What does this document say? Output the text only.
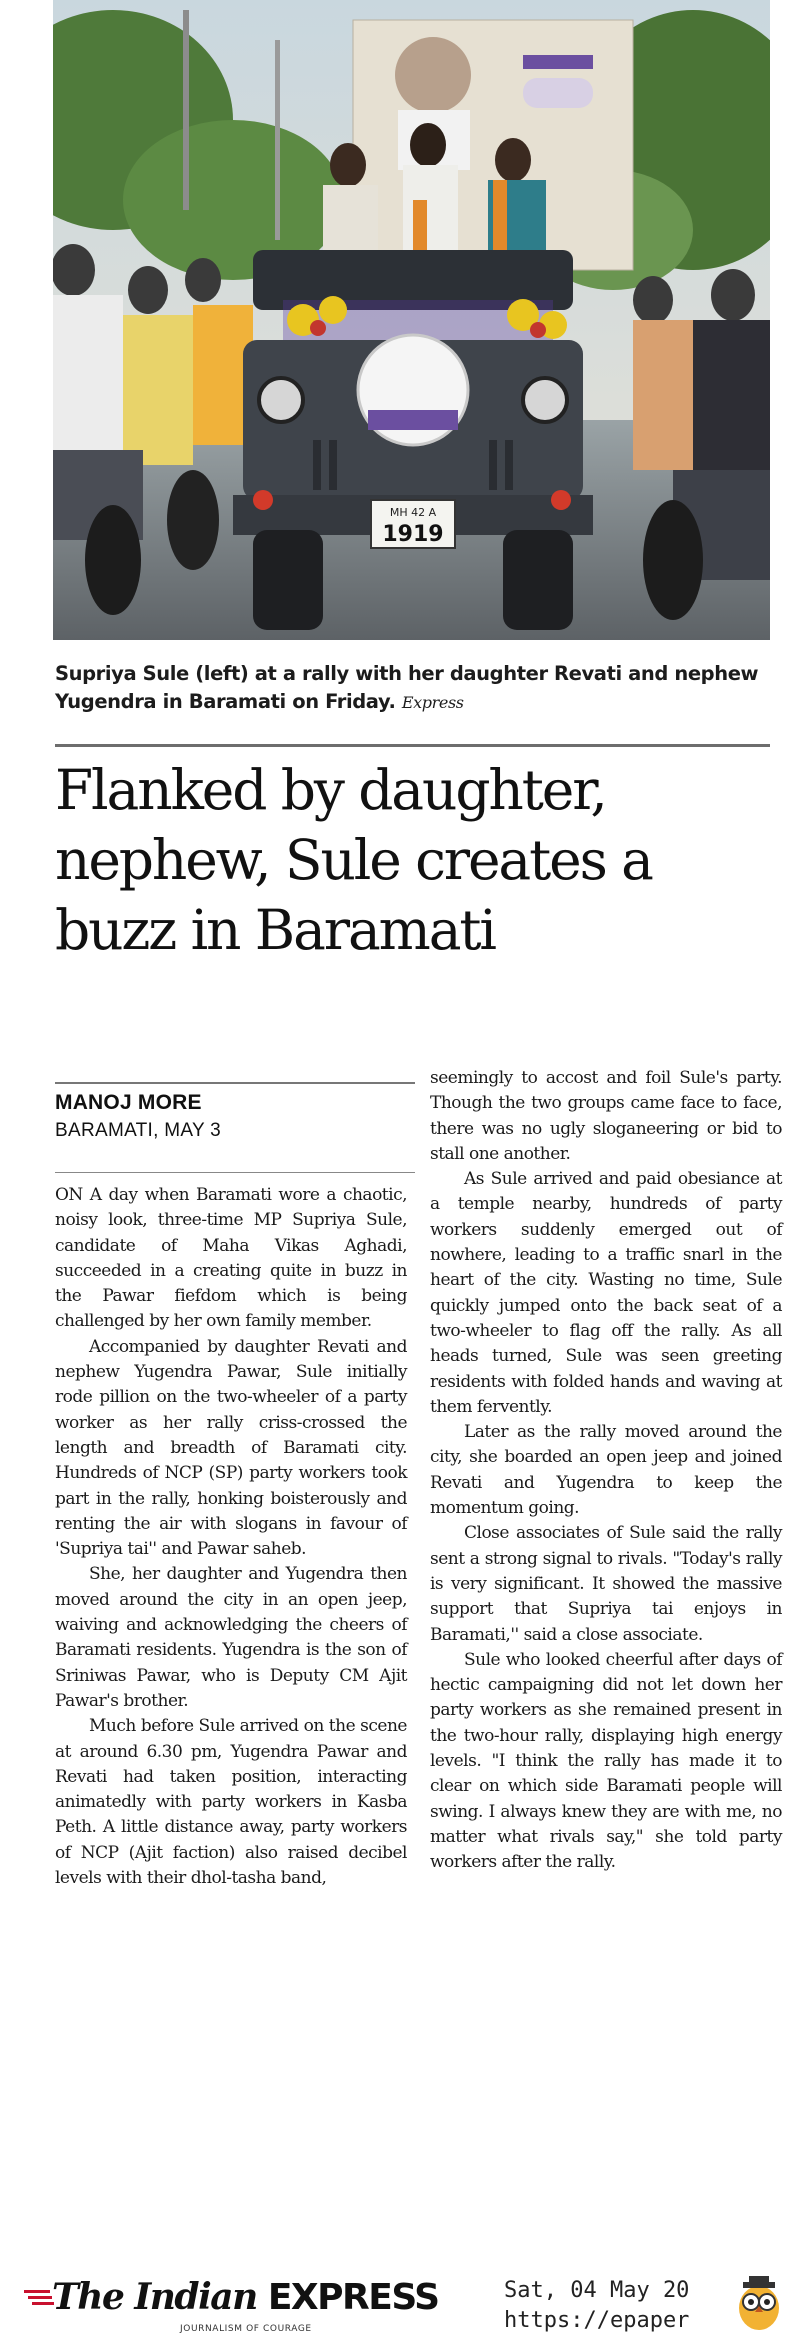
MH 42 A
1919
Supriya Sule (left) at a rally with her daughter Revati and nephew Yugendra in Baramati on Friday. Express
Flanked by daughter, nephew, Sule creates a buzz in Baramati
MANOJ MORE
BARAMATI, MAY 3

ON A day when Baramati wore a chaotic, noisy look, three-time MP Supriya Sule, candidate of Maha Vikas Aghadi, succeeded in a creating quite in buzz in the Pawar fiefdom which is being challenged by her own family member.

Accompanied by daughter Revati and nephew Yugendra Pawar, Sule initially rode pillion on the two-wheeler of a party worker as her rally criss-crossed the length and breadth of Baramati city. Hundreds of NCP (SP) party workers took part in the rally, honking boisterously and renting the air with slogans in favour of 'Supriya tai'' and Pawar saheb.

She, her daughter and Yugendra then moved around the city in an open jeep, waiving and acknowledging the cheers of Baramati residents. Yugendra is the son of Sriniwas Pawar, who is Deputy CM Ajit Pawar's brother.

Much before Sule arrived on the scene at around 6.30 pm, Yugendra Pawar and Revati had taken position, interacting animatedly with party workers in Kasba Peth. A little distance away, party workers of NCP (Ajit faction) also raised decibel levels with their dhol-tasha band,

seemingly to accost and foil Sule's party. Though the two groups came face to face, there was no ugly sloganeering or bid to stall one another.

As Sule arrived and paid obesiance at a temple nearby, hundreds of party workers suddenly emerged out of nowhere, leading to a traffic snarl in the heart of the city. Wasting no time, Sule quickly jumped onto the back seat of a two-wheeler to flag off the rally. As all heads turned, Sule was seen greeting residents with folded hands and waving at them fervently.

Later as the rally moved around the city, she boarded an open jeep and joined Revati and Yugendra to keep the momentum going.

Close associates of Sule said the rally sent a strong signal to rivals. "Today's rally is very significant. It showed the massive support that Supriya tai enjoys in Baramati,'' said a close associate.

Sule who looked cheerful after days of hectic campaigning did not let down her party workers as she remained present in the two-hour rally, displaying high energy levels. "I think the rally has made it to clear on which side Baramati people will swing. I always knew they are with me, no matter what rivals say," she told party workers after the rally.

The Indian EXPRESS
JOURNALISM OF COURAGE
Sat, 04 May 20
https://epaper
